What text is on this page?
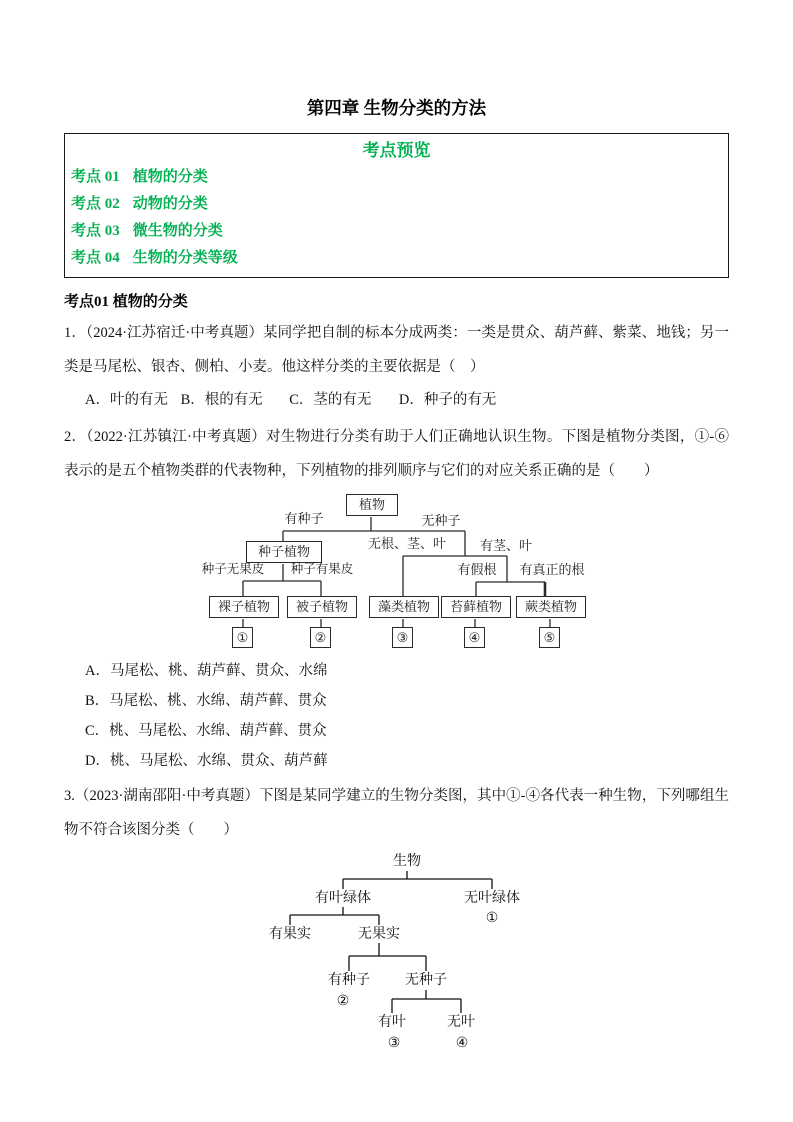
第四章 生物分类的方法
考点预览
考点 01 植物的分类
考点 02 动物的分类
考点 03 微生物的分类
考点 04 生物的分类等级
考点01 植物的分类
1．（2024·江苏宿迁·中考真题）某同学把自制的标本分成两类：一类是贯众、葫芦藓、紫菜、地钱；另一类是马尾松、银杏、侧柏、小麦。他这样分类的主要依据是（　）
A．叶的有无 B．根的有无 C．茎的有无 D．种子的有无
2．（2022·江苏镇江·中考真题）对生物进行分类有助于人们正确地认识生物。下图是植物分类图，①-⑥表示的是五个植物类群的代表物种，下列植物的排列顺序与它们的对应关系正确的是（　　）
植物
有种子	无种子
种子植物
无根、茎、叶	有茎、叶
种子无果皮	种子有果皮	有假根	有真正的根
裸子植物	被子植物	藻类植物	苔藓植物	蕨类植物
①	②	③	④	⑤
A．马尾松、桃、葫芦藓、贯众、水绵
B．马尾松、桃、水绵、葫芦藓、贯众
C．桃、马尾松、水绵、葫芦藓、贯众
D．桃、马尾松、水绵、贯众、葫芦藓
3.（2023·湖南邵阳·中考真题）下图是某同学建立的生物分类图，其中①-④各代表一种生物，下列哪组生物不符合该图分类（　　）
生物
有叶绿体	无叶绿体
①
有果实	无果实
有种子
②
无种子
有叶
③
无叶
④
